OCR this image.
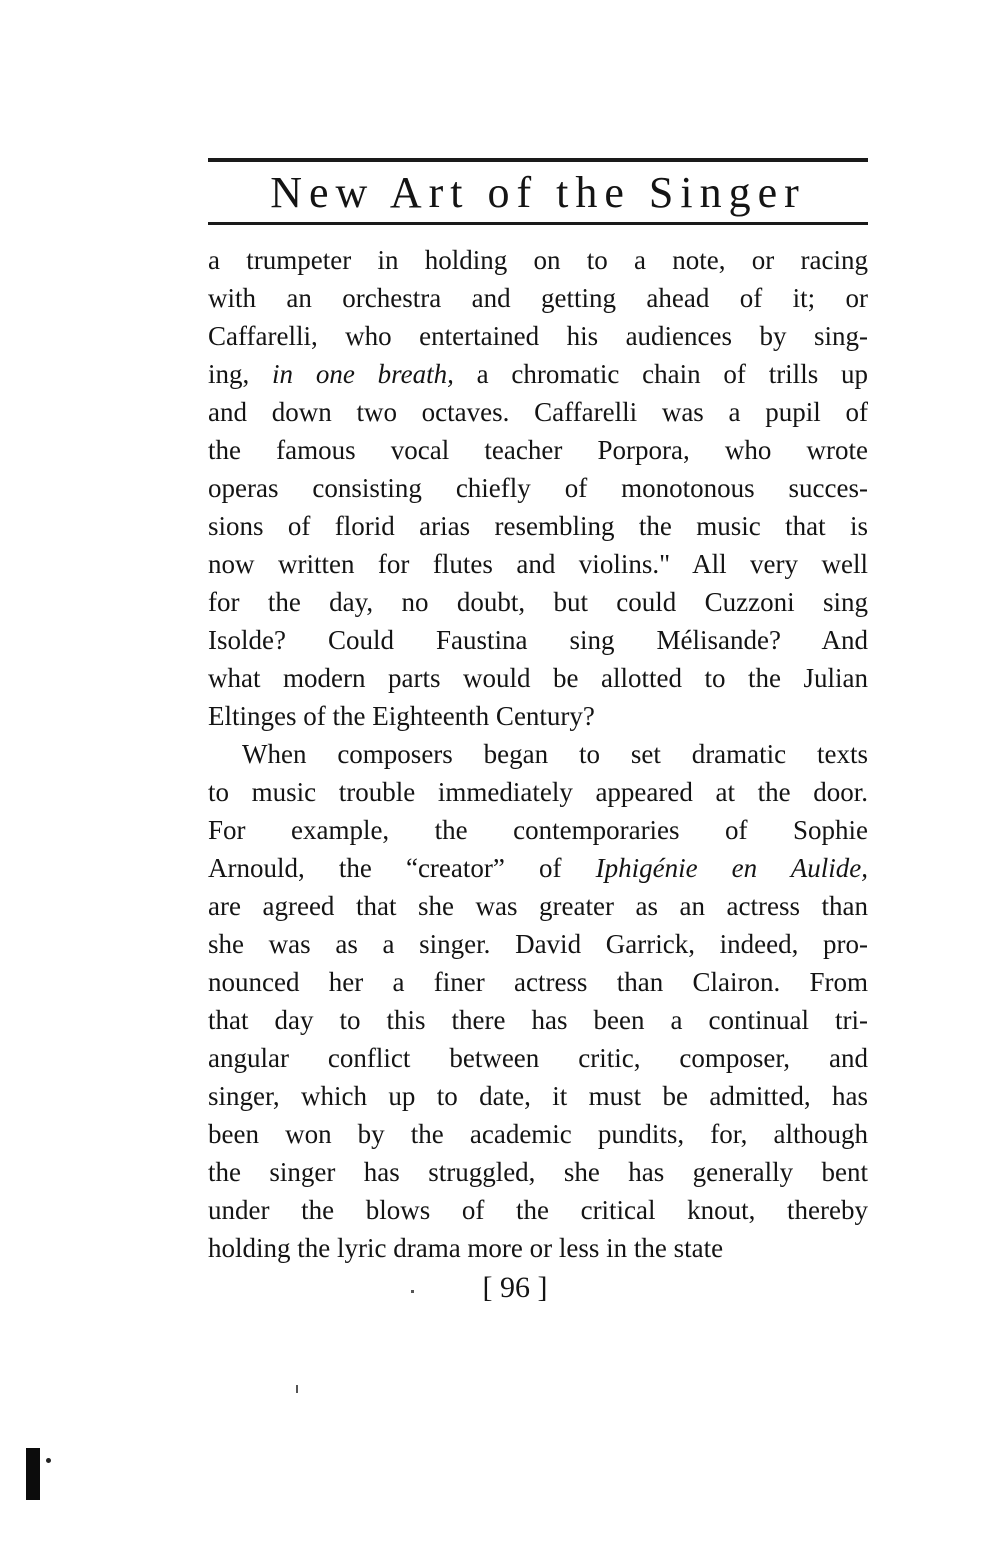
New Art of the Singer
a trumpeter in holding on to a note, or racing
with an orchestra and getting ahead of it; or
Caffarelli, who entertained his audiences by sing-
ing, in one breath, a chromatic chain of trills up
and down two octaves. Caffarelli was a pupil of
the famous vocal teacher Porpora, who wrote
operas consisting chiefly of monotonous succes-
sions of florid arias resembling the music that is
now written for flutes and violins." All very well
for the day, no doubt, but could Cuzzoni sing
Isolde? Could Faustina sing Mélisande? And
what modern parts would be allotted to the Julian
Eltinges of the Eighteenth Century?
When composers began to set dramatic texts
to music trouble immediately appeared at the door.
For example, the contemporaries of Sophie
Arnould, the “creator” of Iphigénie en Aulide,
are agreed that she was greater as an actress than
she was as a singer. David Garrick, indeed, pro-
nounced her a finer actress than Clairon. From
that day to this there has been a continual tri-
angular conflict between critic, composer, and
singer, which up to date, it must be admitted, has
been won by the academic pundits, for, although
the singer has struggled, she has generally bent
under the blows of the critical knout, thereby
holding the lyric drama more or less in the state
[ 96 ]
